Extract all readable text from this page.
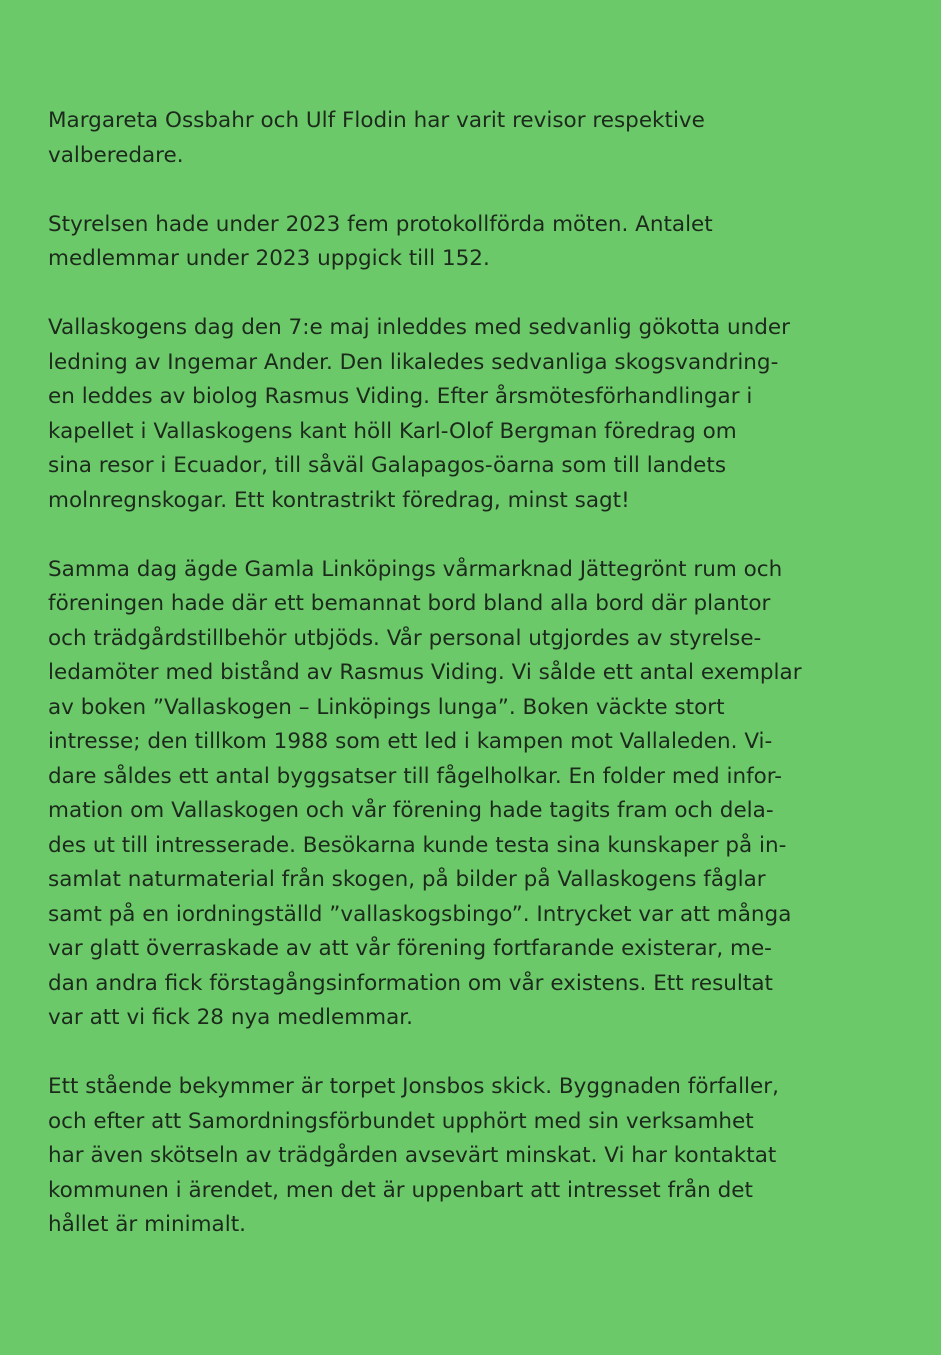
Margareta Ossbahr och Ulf Flodin har varit revisor respektive
valberedare.

Styrelsen hade under 2023 fem protokollförda möten. Antalet
medlemmar under 2023 uppgick till 152.

Vallaskogens dag den 7:e maj inleddes med sedvanlig gökotta under
ledning av Ingemar Ander. Den likaledes sedvanliga skogsvandring-
en leddes av biolog Rasmus Viding. Efter årsmötesförhandlingar i
kapellet i Vallaskogens kant höll Karl-Olof Bergman föredrag om
sina resor i Ecuador, till såväl Galapagos-öarna som till landets
molnregnskogar. Ett kontrastrikt föredrag, minst sagt!

Samma dag ägde Gamla Linköpings vårmarknad Jättegrönt rum och
föreningen hade där ett bemannat bord bland alla bord där plantor
och trädgårdstillbehör utbjöds. Vår personal utgjordes av styrelse-
ledamöter med bistånd av Rasmus Viding. Vi sålde ett antal exemplar
av boken ”Vallaskogen – Linköpings lunga”. Boken väckte stort
intresse; den tillkom 1988 som ett led i kampen mot Vallaleden. Vi-
dare såldes ett antal byggsatser till fågelholkar. En folder med infor-
mation om Vallaskogen och vår förening hade tagits fram och dela-
des ut till intresserade. Besökarna kunde testa sina kunskaper på in-
samlat naturmaterial från skogen, på bilder på Vallaskogens fåglar
samt på en iordningställd ”vallaskogsbingo”. Intrycket var att många
var glatt överraskade av att vår förening fortfarande existerar, me-
dan andra fick förstagångsinformation om vår existens. Ett resultat
var att vi fick 28 nya medlemmar.

Ett stående bekymmer är torpet Jonsbos skick. Byggnaden förfaller,
och efter att Samordningsförbundet upphört med sin verksamhet
har även skötseln av trädgården avsevärt minskat. Vi har kontaktat
kommunen i ärendet, men det är uppenbart att intresset från det
hållet är minimalt.
